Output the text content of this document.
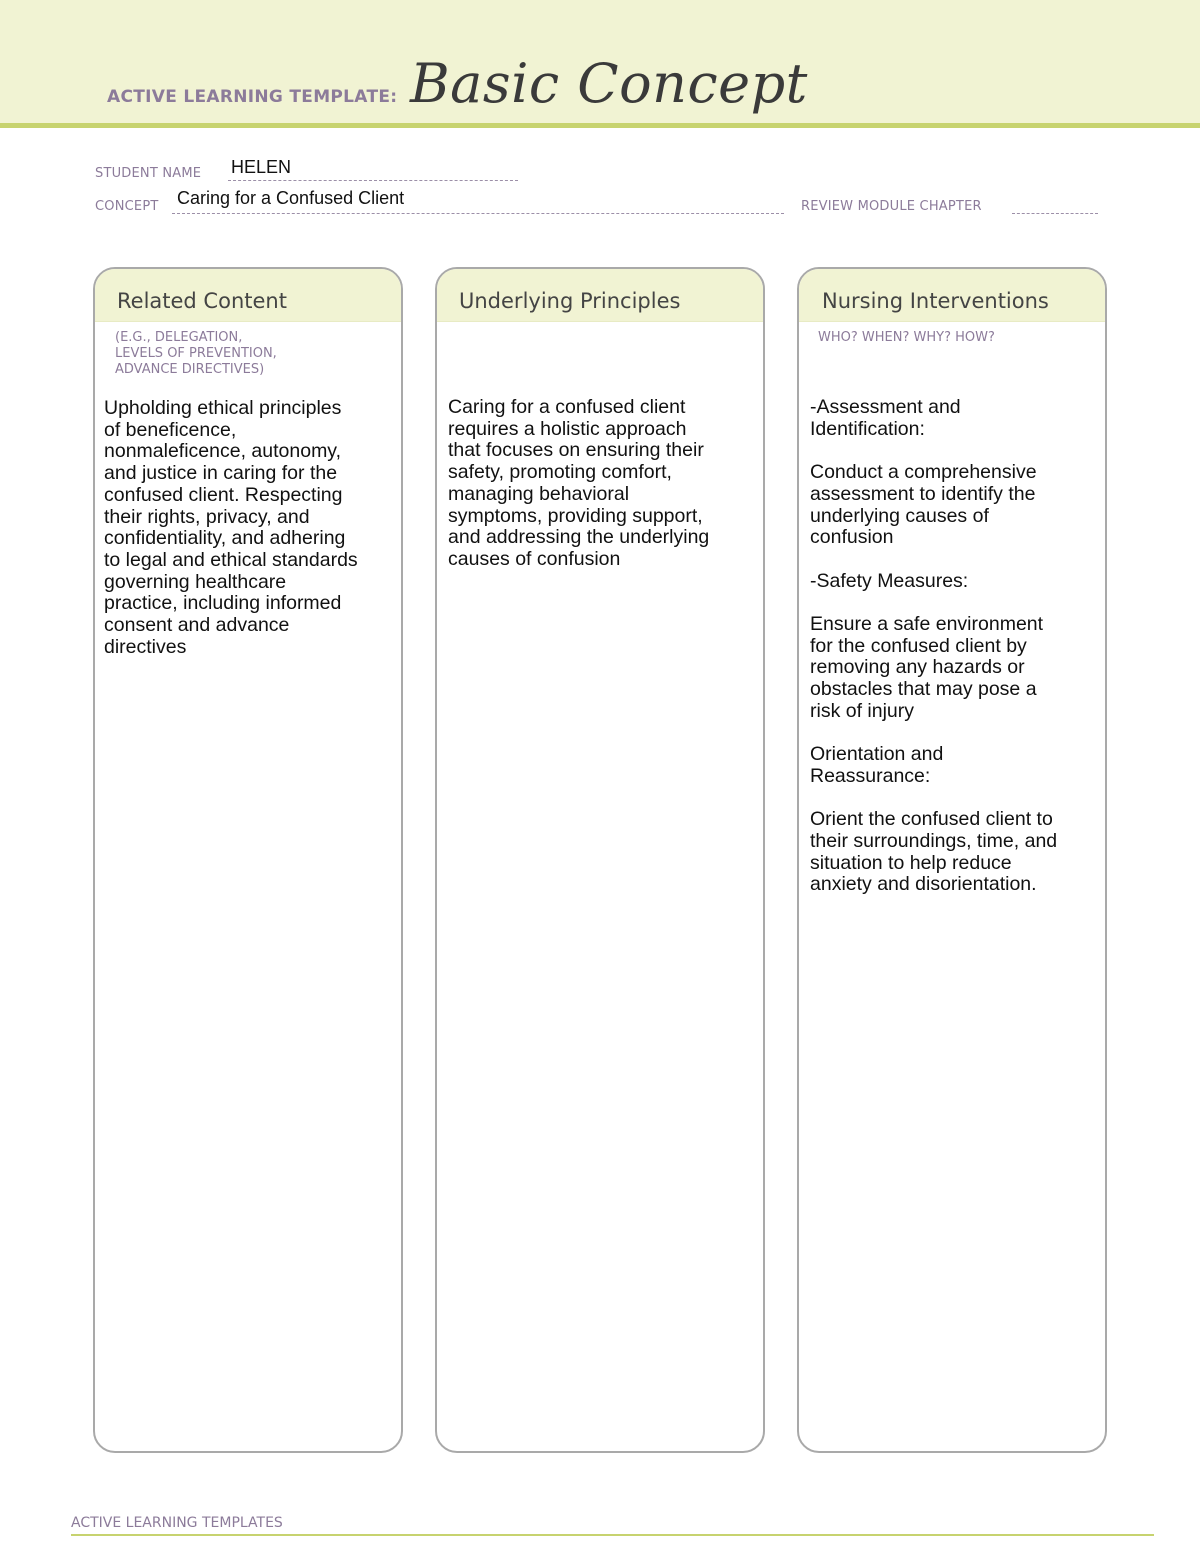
ACTIVE LEARNING TEMPLATE: Basic Concept
STUDENT NAME HELEN
CONCEPT Caring for a Confused Client	REVIEW MODULE CHAPTER
Related Content
(E.G., DELEGATION,
LEVELS OF PREVENTION,
ADVANCE DIRECTIVES)
Upholding ethical principles
of beneficence,
nonmaleficence, autonomy,
and justice in caring for the
confused client. Respecting
their rights, privacy, and
confidentiality, and adhering
to legal and ethical standards
governing healthcare
practice, including informed
consent and advance
directives
Underlying Principles
Caring for a confused client
requires a holistic approach
that focuses on ensuring their
safety, promoting comfort,
managing behavioral
symptoms, providing support,
and addressing the underlying
causes of confusion
Nursing Interventions
WHO? WHEN? WHY? HOW?
-Assessment and
Identification:

Conduct a comprehensive
assessment to identify the
underlying causes of
confusion

-Safety Measures:

Ensure a safe environment
for the confused client by
removing any hazards or
obstacles that may pose a
risk of injury

Orientation and
Reassurance:

Orient the confused client to
their surroundings, time, and
situation to help reduce
anxiety and disorientation.
ACTIVE LEARNING TEMPLATES
